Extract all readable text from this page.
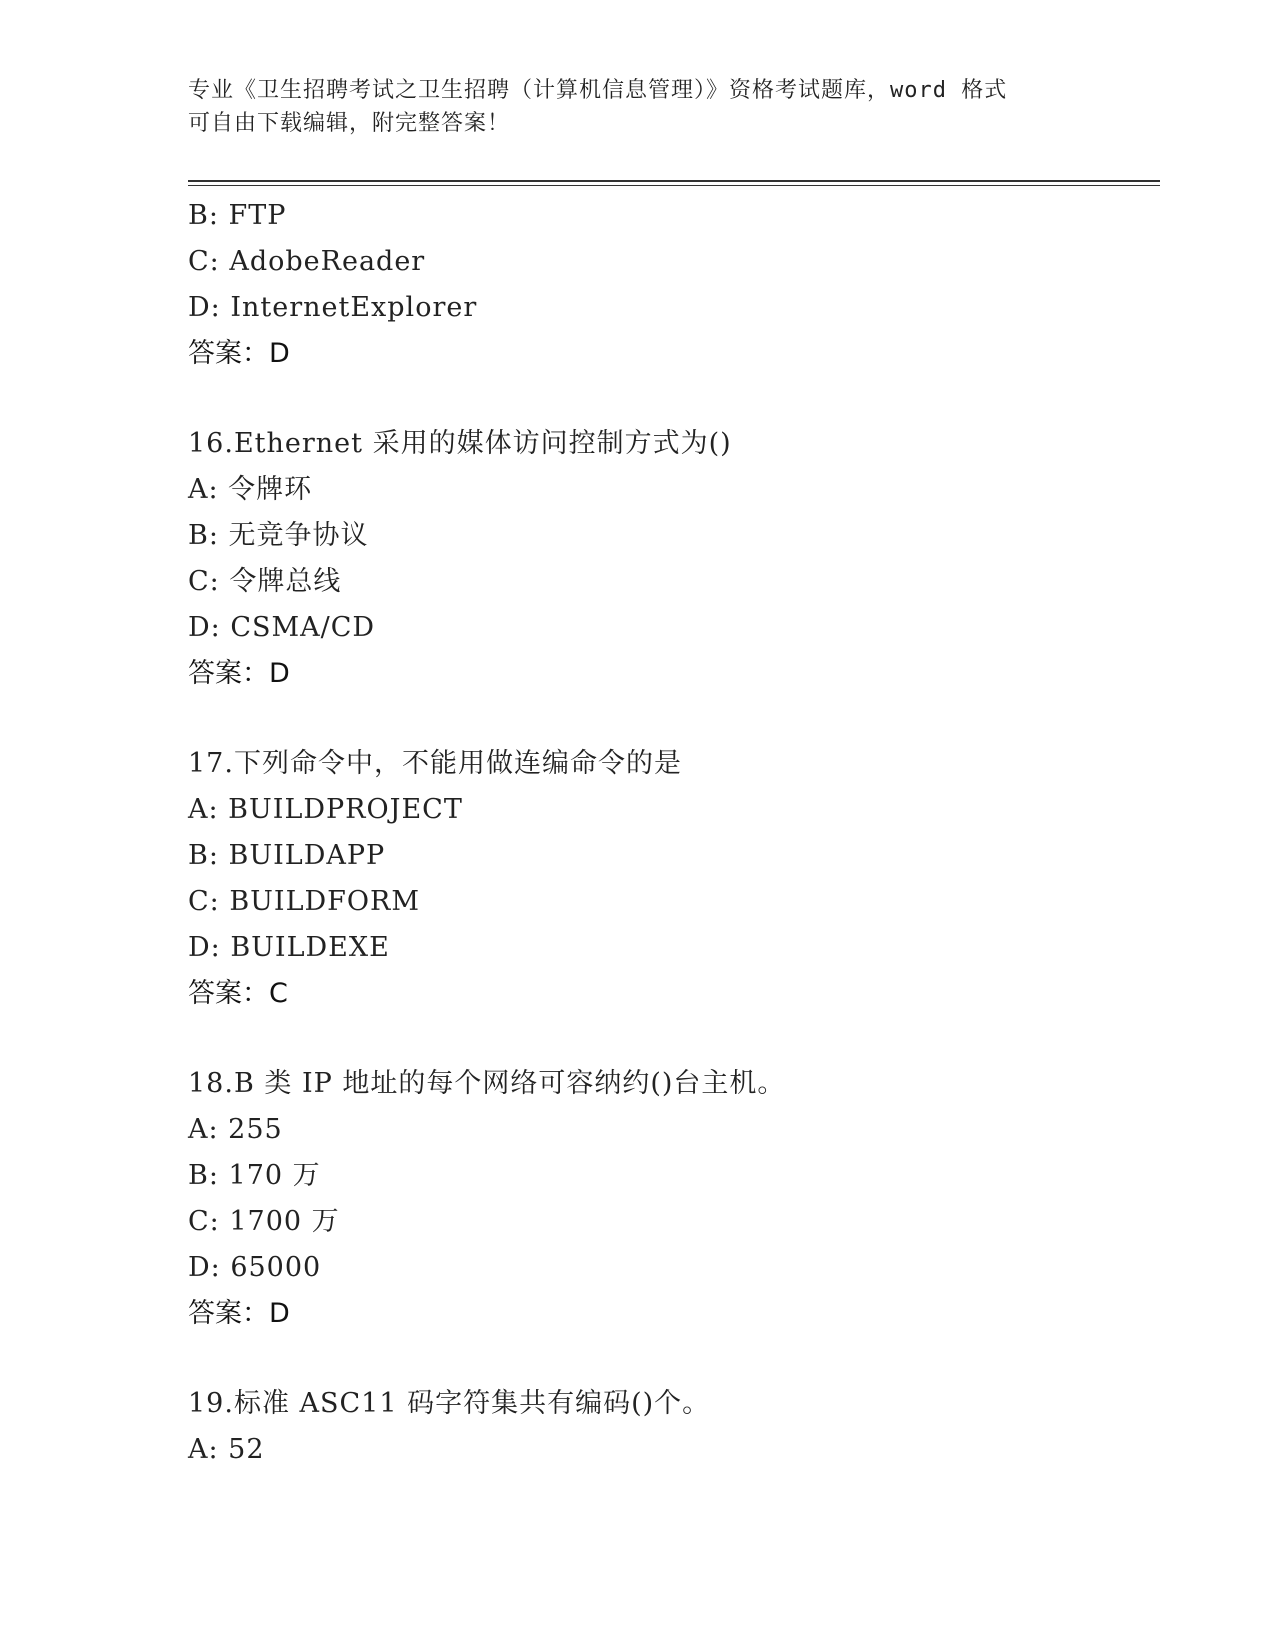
专业《卫生招聘考试之卫生招聘（计算机信息管理）》资格考试题库，word 格式
可自由下载编辑，附完整答案！
B: FTP
C: AdobeReader
D: InternetExplorer
答案：D
16.Ethernet 采用的媒体访问控制方式为()
A: 令牌环
B: 无竞争协议
C: 令牌总线
D: CSMA/CD
答案：D
17.下列命令中，不能用做连编命令的是
A: BUILDPROJECT
B: BUILDAPP
C: BUILDFORM
D: BUILDEXE
答案：C
18.B 类 IP 地址的每个网络可容纳约()台主机。
A: 255
B: 170 万
C: 1700 万
D: 65000
答案：D
19.标准 ASC11 码字符集共有编码()个。
A: 52
